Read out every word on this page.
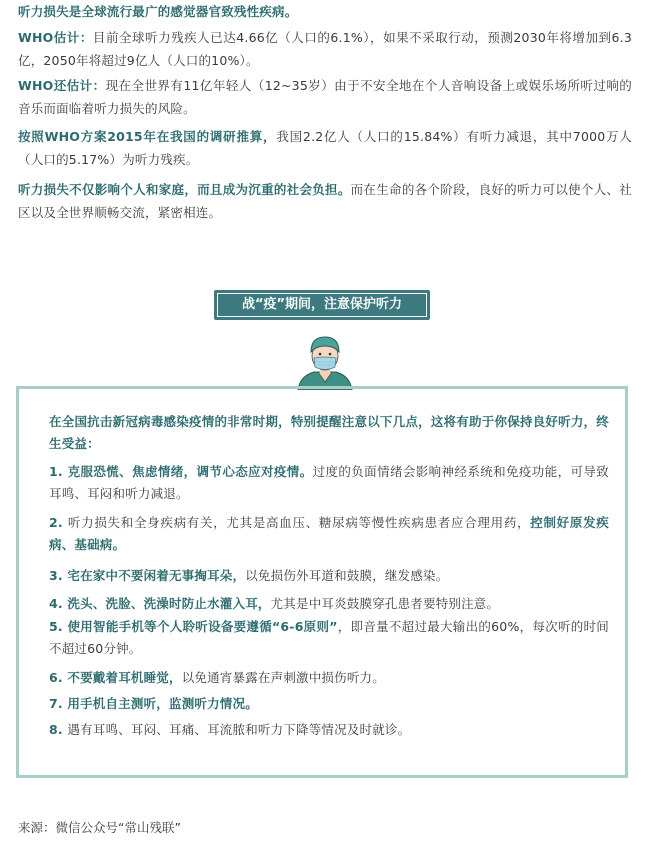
听力损失是全球流行最广的感觉器官致残性疾病。
WHO估计：目前全球听力残疾人已达4.66亿（人口的6.1%），如果不采取行动，预测2030年将增加到6.3亿，2050年将超过9亿人（人口的10%）。
WHO还估计：现在全世界有11亿年轻人（12~35岁）由于不安全地在个人音响设备上或娱乐场所听过响的音乐而面临着听力损失的风险。
按照WHO方案2015年在我国的调研推算，我国2.2亿人（人口的15.84%）有听力减退，其中7000万人（人口的5.17%）为听力残疾。
听力损失不仅影响个人和家庭，而且成为沉重的社会负担。而在生命的各个阶段，良好的听力可以使个人、社区以及全世界顺畅交流，紧密相连。
战“疫”期间，注意保护听力
在全国抗击新冠病毒感染疫情的非常时期，特别提醒注意以下几点，这将有助于你保持良好听力，终生受益：
1. 克服恐慌、焦虑情绪，调节心态应对疫情。过度的负面情绪会影响神经系统和免疫功能，可导致耳鸣、耳闷和听力减退。
2. 听力损失和全身疾病有关，尤其是高血压、糖尿病等慢性疾病患者应合理用药，控制好原发疾病、基础病。
3. 宅在家中不要闲着无事掏耳朵，以免损伤外耳道和鼓膜，继发感染。
4. 洗头、洗脸、洗澡时防止水灌入耳，尤其是中耳炎鼓膜穿孔患者要特别注意。
5. 使用智能手机等个人聆听设备要遵循“6-6原则”，即音量不超过最大输出的60%，每次听的时间不超过60分钟。
6. 不要戴着耳机睡觉，以免通宵暴露在声刺激中损伤听力。
7. 用手机自主测听，监测听力情况。
8. 遇有耳鸣、耳闷、耳痛、耳流脓和听力下降等情况及时就诊。
来源：微信公众号“常山残联”
